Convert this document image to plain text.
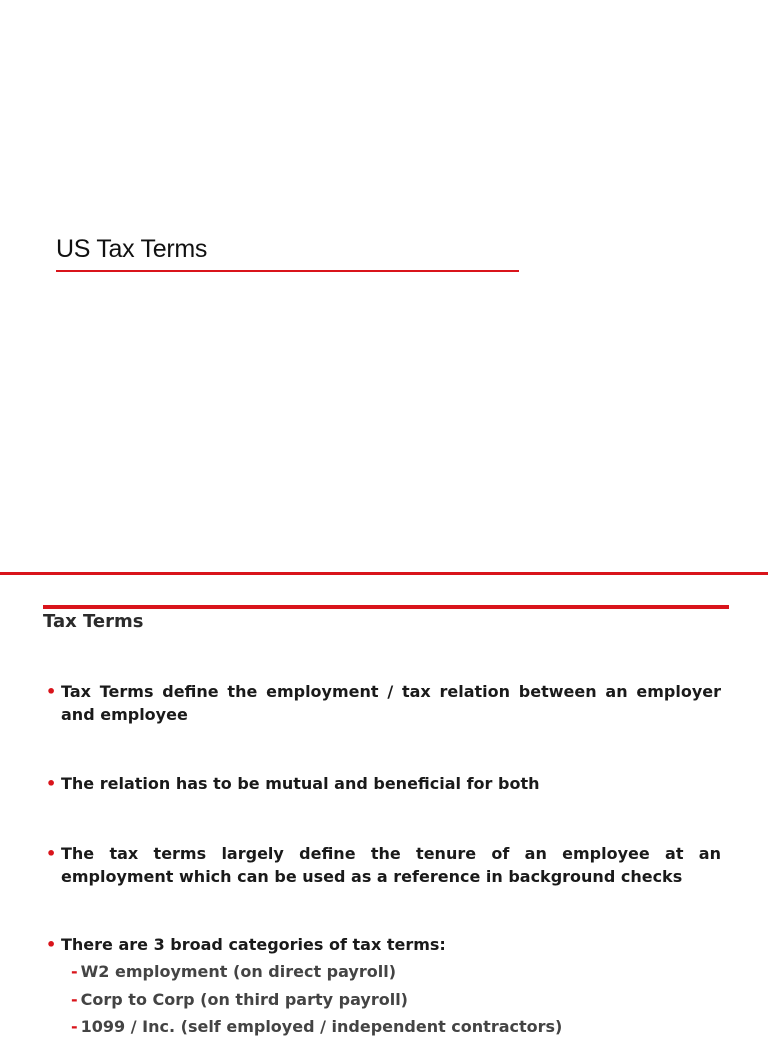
US Tax Terms
Tax Terms
• Tax Terms define the employment / tax relation between an employer and employee
• The relation has to be mutual and beneficial for both
• The tax terms largely define the tenure of an employee at an employment which can be used as a reference in background checks
• There are 3 broad categories of tax terms:
- W2 employment (on direct payroll)
- Corp to Corp (on third party payroll)
- 1099 / Inc. (self employed / independent contractors)
